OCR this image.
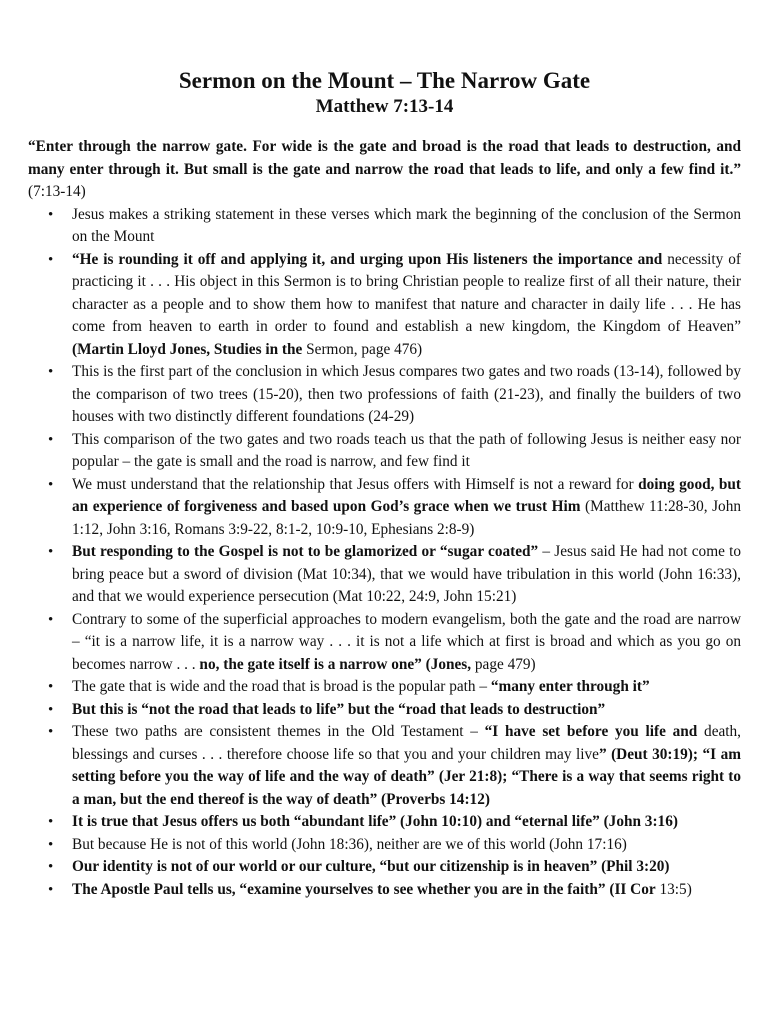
Sermon on the Mount – The Narrow Gate
Matthew 7:13-14
“Enter through the narrow gate. For wide is the gate and broad is the road that leads to destruction, and many enter through it. But small is the gate and narrow the road that leads to life, and only a few find it.” (7:13-14)
• Jesus makes a striking statement in these verses which mark the beginning of the conclusion of the Sermon on the Mount
• “He is rounding it off and applying it, and urging upon His listeners the importance and necessity of practicing it . . . His object in this Sermon is to bring Christian people to realize first of all their nature, their character as a people and to show them how to manifest that nature and character in daily life . . . He has come from heaven to earth in order to found and establish a new kingdom, the Kingdom of Heaven” (Martin Lloyd Jones, Studies in the Sermon, page 476)
• This is the first part of the conclusion in which Jesus compares two gates and two roads (13-14), followed by the comparison of two trees (15-20), then two professions of faith (21-23), and finally the builders of two houses with two distinctly different foundations (24-29)
• This comparison of the two gates and two roads teach us that the path of following Jesus is neither easy nor popular – the gate is small and the road is narrow, and few find it
• We must understand that the relationship that Jesus offers with Himself is not a reward for doing good, but an experience of forgiveness and based upon God’s grace when we trust Him (Matthew 11:28-30, John 1:12, John 3:16, Romans 3:9-22, 8:1-2, 10:9-10, Ephesians 2:8-9)
• But responding to the Gospel is not to be glamorized or “sugar coated” – Jesus said He had not come to bring peace but a sword of division (Mat 10:34), that we would have tribulation in this world (John 16:33), and that we would experience persecution (Mat 10:22, 24:9, John 15:21)
• Contrary to some of the superficial approaches to modern evangelism, both the gate and the road are narrow – “it is a narrow life, it is a narrow way . . . it is not a life which at first is broad and which as you go on becomes narrow . . . no, the gate itself is a narrow one” (Jones, page 479)
• The gate that is wide and the road that is broad is the popular path – “many enter through it”
• But this is “not the road that leads to life” but the “road that leads to destruction”
• These two paths are consistent themes in the Old Testament – “I have set before you life and death, blessings and curses . . . therefore choose life so that you and your children may live” (Deut 30:19); “I am setting before you the way of life and the way of death” (Jer 21:8); “There is a way that seems right to a man, but the end thereof is the way of death” (Proverbs 14:12)
• It is true that Jesus offers us both “abundant life” (John 10:10) and “eternal life” (John 3:16)
• But because He is not of this world (John 18:36), neither are we of this world (John 17:16)
• Our identity is not of our world or our culture, “but our citizenship is in heaven” (Phil 3:20)
• The Apostle Paul tells us, “examine yourselves to see whether you are in the faith” (II Cor 13:5)
